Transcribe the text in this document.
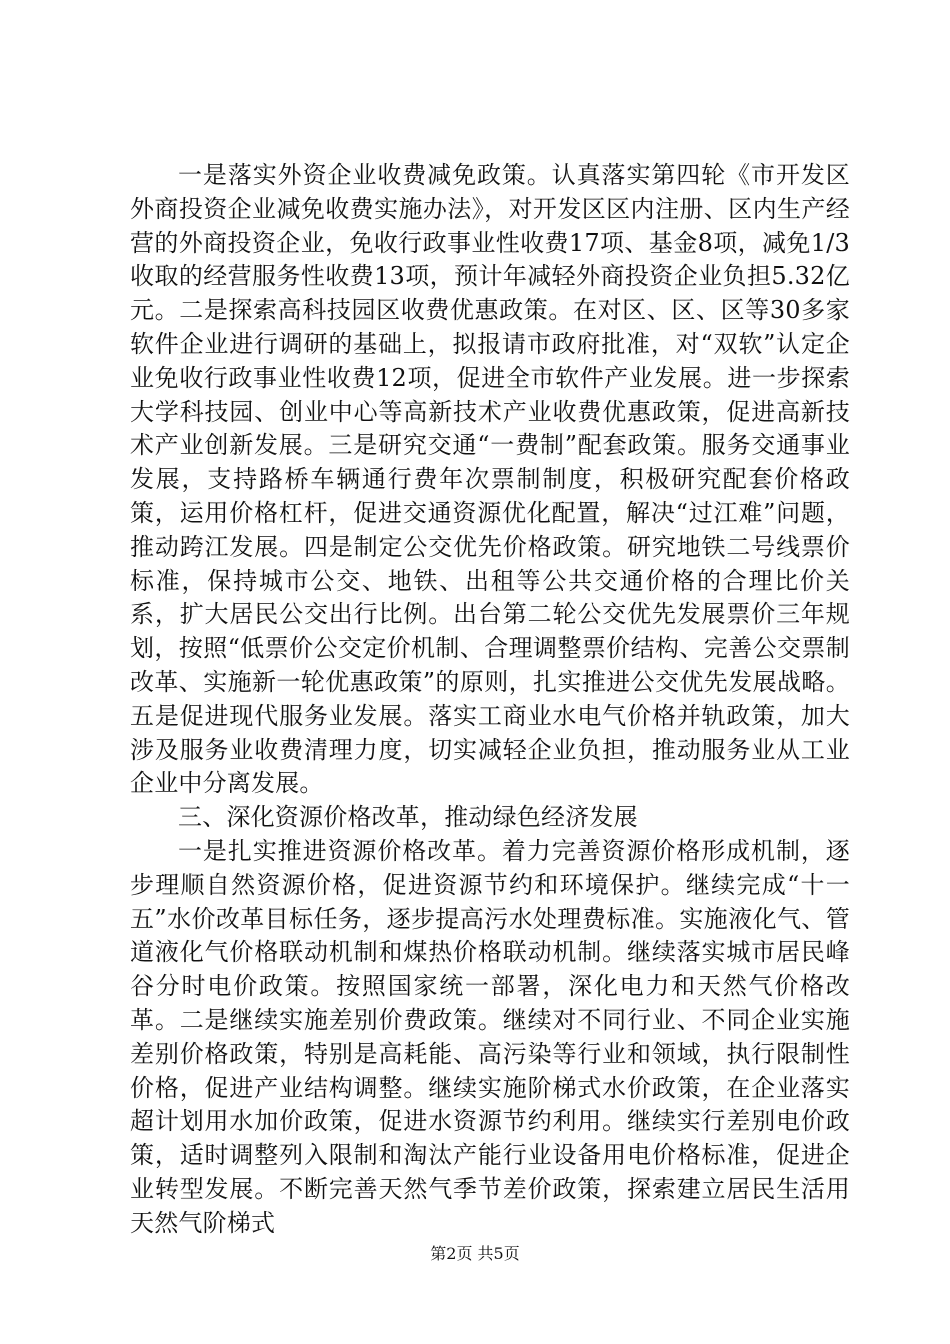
一是落实外资企业收费减免政策。认真落实第四轮《市开发区外商投资企业减免收费实施办法》，对开发区区内注册、区内生产经营的外商投资企业，免收行政事业性收费17项、基金8项，减免1/3收取的经营服务性收费13项，预计年减轻外商投资企业负担5.32亿元。二是探索高科技园区收费优惠政策。在对区、区、区等30多家软件企业进行调研的基础上，拟报请市政府批准，对“双软”认定企业免收行政事业性收费12项，促进全市软件产业发展。进一步探索大学科技园、创业中心等高新技术产业收费优惠政策，促进高新技术产业创新发展。三是研究交通“一费制”配套政策。服务交通事业发展，支持路桥车辆通行费年次票制制度，积极研究配套价格政策，运用价格杠杆，促进交通资源优化配置，解决“过江难”问题，推动跨江发展。四是制定公交优先价格政策。研究地铁二号线票价标准，保持城市公交、地铁、出租等公共交通价格的合理比价关系，扩大居民公交出行比例。出台第二轮公交优先发展票价三年规划，按照“低票价公交定价机制、合理调整票价结构、完善公交票制改革、实施新一轮优惠政策”的原则，扎实推进公交优先发展战略。五是促进现代服务业发展。落实工商业水电气价格并轨政策，加大涉及服务业收费清理力度，切实减轻企业负担，推动服务业从工业企业中分离发展。

三、深化资源价格改革，推动绿色经济发展

一是扎实推进资源价格改革。着力完善资源价格形成机制，逐步理顺自然资源价格，促进资源节约和环境保护。继续完成“十一五”水价改革目标任务，逐步提高污水处理费标准。实施液化气、管道液化气价格联动机制和煤热价格联动机制。继续落实城市居民峰谷分时电价政策。按照国家统一部署，深化电力和天然气价格改革。二是继续实施差别价费政策。继续对不同行业、不同企业实施差别价格政策，特别是高耗能、高污染等行业和领域，执行限制性价格，促进产业结构调整。继续实施阶梯式水价政策，在企业落实超计划用水加价政策，促进水资源节约利用。继续实行差别电价政策，适时调整列入限制和淘汰产能行业设备用电价格标准，促进企业转型发展。不断完善天然气季节差价政策，探索建立居民生活用天然气阶梯式

第2页 共5页
